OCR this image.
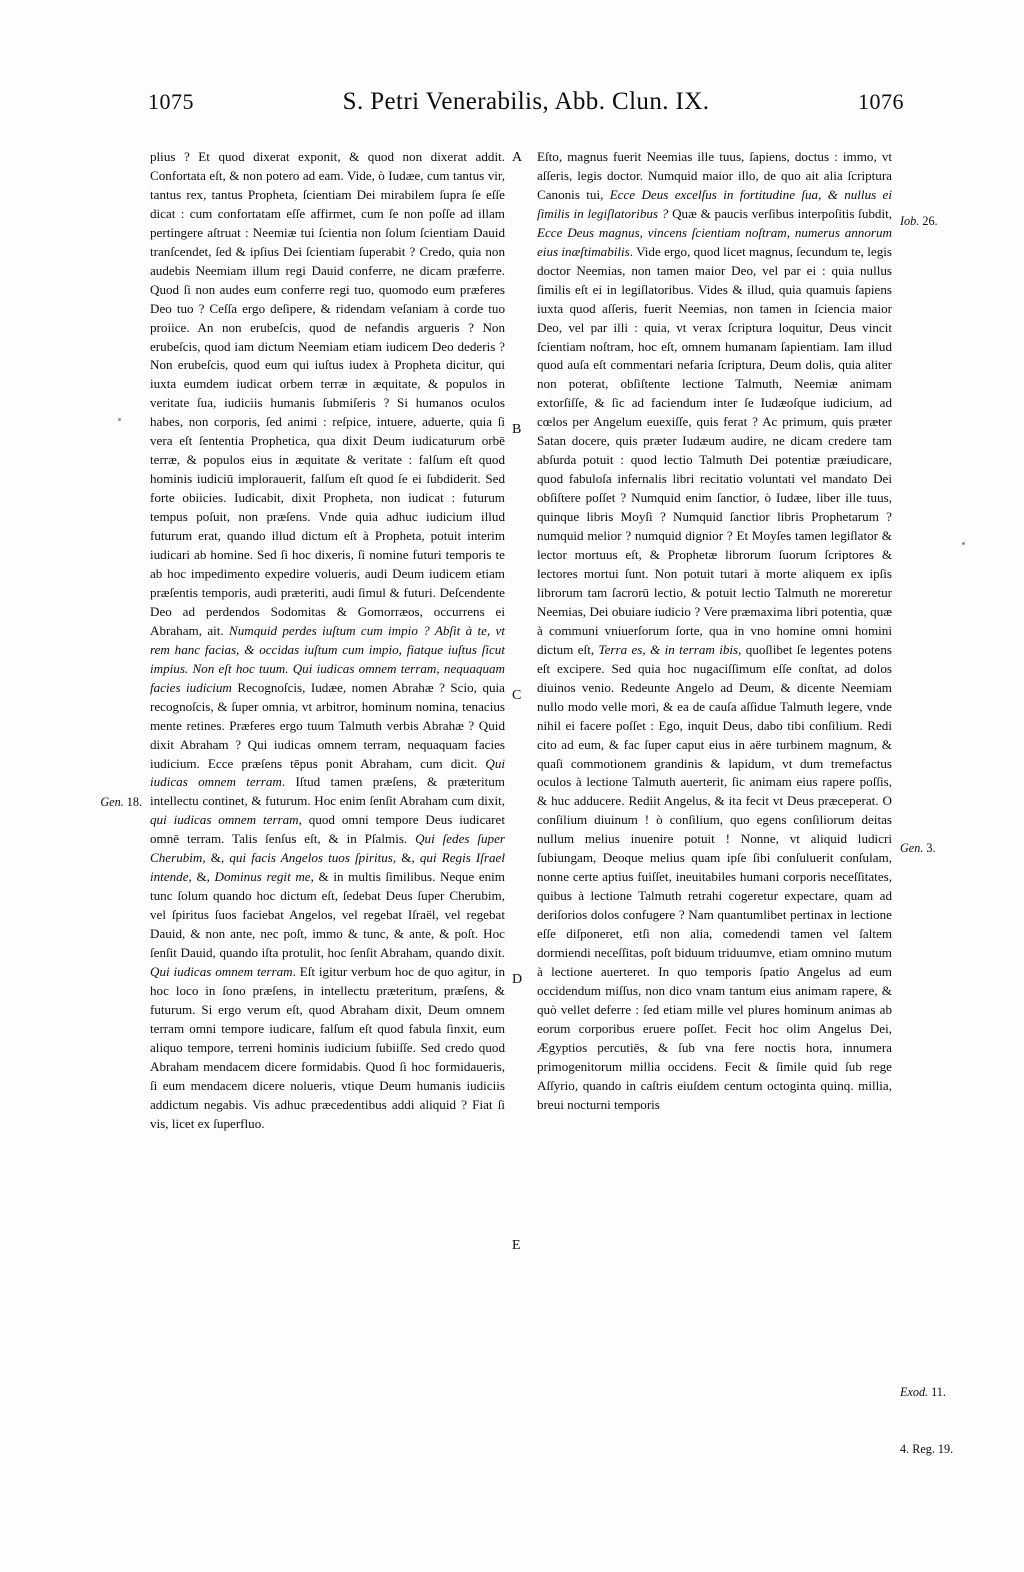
1075	S. Petri Venerabilis, Abb. Clun. IX.	1076

plius ? Et quod dixerat exponit, & quod non dixerat addit. Confortata eſt, & non potero ad eam. Vide, ò Iudæe, cum tantus vir, tantus rex, tantus Propheta, ſcientiam Dei mirabilem ſupra ſe eſſe dicat : cum confortatam eſſe affirmet, cum ſe non poſſe ad illam pertingere aſtruat : Neemiæ tui ſcientia non ſolum ſcientiam Dauid tranſcendet, ſed & ipſius Dei ſcientiam ſuperabit ? Credo, quia non audebis Neemiam illum regi Dauid conferre, ne dicam præferre. Quod ſi non audes eum conferre regi tuo, quomodo eum præferes Deo tuo ? Ceſſa ergo deſipere, & ridendam veſaniam à corde tuo proiice. An non erubeſcis, quod de nefandis argueris ? Non erubeſcis, quod iam dictum Neemiam etiam iudicem Deo dederis ? Non erubeſcis, quod eum qui iuſtus iudex à Propheta dicitur, qui iuxta eumdem iudicat orbem terræ in æquitate, & populos in veritate ſua, iudiciis humanis ſubmiſeris ? Si humanos oculos habes, non corporis, ſed animi : reſpice, intuere, aduerte, quia ſi vera eſt ſententia Prophetica, qua dixit Deum iudicaturum orbē terræ, & populos eius in æquitate & veritate : falſum eſt quod hominis iudiciū implorauerit, falſum eſt quod ſe ei ſubdiderit. Sed forte obiicies. Iudicabit, dixit Propheta, non iudicat : futurum tempus poſuit, non præſens. Vnde quia adhuc iudicium illud futurum erat, quando illud dictum eſt à Propheta, potuit interim iudicari ab homine. Sed ſi hoc dixeris, ſi nomine futuri temporis te ab hoc impedimento expedire volueris, audi Deum iudicem etiam præſentis temporis, audi præteriti, audi ſimul & futuri. Deſcendente Deo ad perdendos Sodomitas & Gomorræos, occurrens ei Abraham, ait. Numquid perdes iuſtum cum impio ? Abſit à te, vt rem hanc facias, & occidas iuſtum cum impio, fiatque iuſtus ſicut impius. Non eſt hoc tuum. Qui iudicas omnem terram, nequaquam facies iudicium Recognoſcis, Iudæe, nomen Abrahæ ? Scio, quia recognoſcis, & ſuper omnia, vt arbitror, hominum nomina, tenacius mente retines. Præferes ergo tuum Talmuth verbis Abrahæ ? Quid dixit Abraham ? Qui iudicas omnem terram, nequaquam facies iudicium. Ecce præſens tēpus ponit Abraham, cum dicit. Qui iudicas omnem terram. Iſtud tamen præſens, & præteritum intellectu continet, & futurum. Hoc enim ſenſit Abraham cum dixit, qui iudicas omnem terram, quod omni tempore Deus iudicaret omnē terram. Talis ſenſus eſt, & in Pſalmis. Qui ſedes ſuper Cherubim, &, qui facis Angelos tuos ſpiritus, &, qui Regis Iſrael intende, &, Dominus regit me, & in multis ſimilibus. Neque enim tunc ſolum quando hoc dictum eſt, ſedebat Deus ſuper Cherubim, vel ſpiritus ſuos faciebat Angelos, vel regebat Iſraël, vel regebat Dauid, & non ante, nec poſt, immo & tunc, & ante, & poſt. Hoc ſenſit Dauid, quando iſta protulit, hoc ſenſit Abraham, quando dixit. Qui iudicas omnem terram. Eſt igitur verbum hoc de quo agitur, in hoc loco in ſono præſens, in intellectu præteritum, præſens, & futurum. Si ergo verum eſt, quod Abraham dixit, Deum omnem terram omni tempore iudicare, falſum eſt quod fabula ſinxit, eum aliquo tempore, terreni hominis iudicium ſubiiſſe. Sed credo quod Abraham mendacem dicere formidabis. Quod ſi hoc formidaueris, ſi eum mendacem dicere nolueris, vtique Deum humanis iudiciis addictum negabis. Vis adhuc præcedentibus addi aliquid ? Fiat ſi vis, licet ex ſuperfluo.

Eſto, magnus fuerit Neemias ille tuus, ſapiens, doctus : immo, vt aſſeris, legis doctor. Numquid maior illo, de quo ait alia ſcriptura Canonis tui, Ecce Deus excelſus in fortitudine ſua, & nullus ei ſimilis in legiſlatoribus ? Quæ & paucis verſibus interpoſitis ſubdit, Ecce Deus magnus, vincens ſcientiam noſtram, numerus annorum eius inæſtimabilis. Vide ergo, quod licet magnus, ſecundum te, legis doctor Neemias, non tamen maior Deo, vel par ei : quia nullus ſimilis eſt ei in legiſlatoribus. Vides & illud, quia quamuis ſapiens iuxta quod aſſeris, fuerit Neemias, non tamen in ſciencia maior Deo, vel par illi : quia, vt verax ſcriptura loquitur, Deus vincit ſcientiam noſtram, hoc eſt, omnem humanam ſapientiam. Iam illud quod auſa eſt commentari nefaria ſcriptura, Deum dolis, quia aliter non poterat, obſiſtente lectione Talmuth, Neemiæ animam extorſiſſe, & ſic ad faciendum inter ſe Iudæoſque iudicium, ad cœlos per Angelum euexiſſe, quis ferat ? Ac primum, quis præter Satan docere, quis præter Iudæum audire, ne dicam credere tam abſurda potuit : quod lectio Talmuth Dei potentiæ præiudicare, quod fabuloſa infernalis libri recitatio voluntati vel mandato Dei obſiſtere poſſet ? Numquid enim ſanctior, ò Iudæe, liber ille tuus, quinque libris Moyſi ? Numquid ſanctior libris Prophetarum ? numquid melior ? numquid dignior ? Et Moyſes tamen legiſlator & lector mortuus eſt, & Prophetæ librorum ſuorum ſcriptores & lectores mortui ſunt. Non potuit tutari à morte aliquem ex ipſis librorum tam ſacrorū lectio, & potuit lectio Talmuth ne moreretur Neemias, Dei obuiare iudicio ? Vere præmaxima libri potentia, quæ à communi vniuerſorum ſorte, qua in vno homine omni homini dictum eſt, Terra es, & in terram ibis, quoſlibet ſe legentes potens eſt excipere. Sed quia hoc nugaciſſimum eſſe conſtat, ad dolos diuinos venio. Redeunte Angelo ad Deum, & dicente Neemiam nullo modo velle mori, & ea de cauſa aſſidue Talmuth legere, vnde nihil ei facere poſſet : Ego, inquit Deus, dabo tibi conſilium. Redi cito ad eum, & fac ſuper caput eius in aëre turbinem magnum, & quaſi commotionem grandinis & lapidum, vt dum tremefactus oculos à lectione Talmuth auerterit, ſic animam eius rapere poſſis, & huc adducere. Rediit Angelus, & ita fecit vt Deus præceperat. O conſilium diuinum ! ò conſilium, quo egens conſiliorum deitas nullum melius inuenire potuit ! Nonne, vt aliquid ludicri ſubiungam, Deoque melius quam ipſe ſibi conſuluerit conſulam, nonne certe aptius fuiſſet, ineuitabiles humani corporis neceſſitates, quibus à lectione Talmuth retrahi cogeretur expectare, quam ad deriſorios dolos confugere ? Nam quantumlibet pertinax in lectione eſſe diſponeret, etſi non alia, comedendi tamen vel ſaltem dormiendi neceſſitas, poſt biduum triduumve, etiam omnino mutum à lectione auerteret. In quo temporis ſpatio Angelus ad eum occidendum miſſus, non dico vnam tantum eius animam rapere, & quò vellet deferre : ſed etiam mille vel plures hominum animas ab eorum corporibus eruere poſſet. Fecit hoc olim Angelus Dei, Ægyptios percutiēs, & ſub vna fere noctis hora, innumera primogenitorum millia occidens. Fecit & ſimile quid ſub rege Aſſyrio, quando in caſtris eiuſdem centum octoginta quinq. millia, breui nocturni temporis

A
B
C
D
E
Gen. 18.
Iob. 26.
Gen. 3.
Exod. 11.
4. Reg. 19.
